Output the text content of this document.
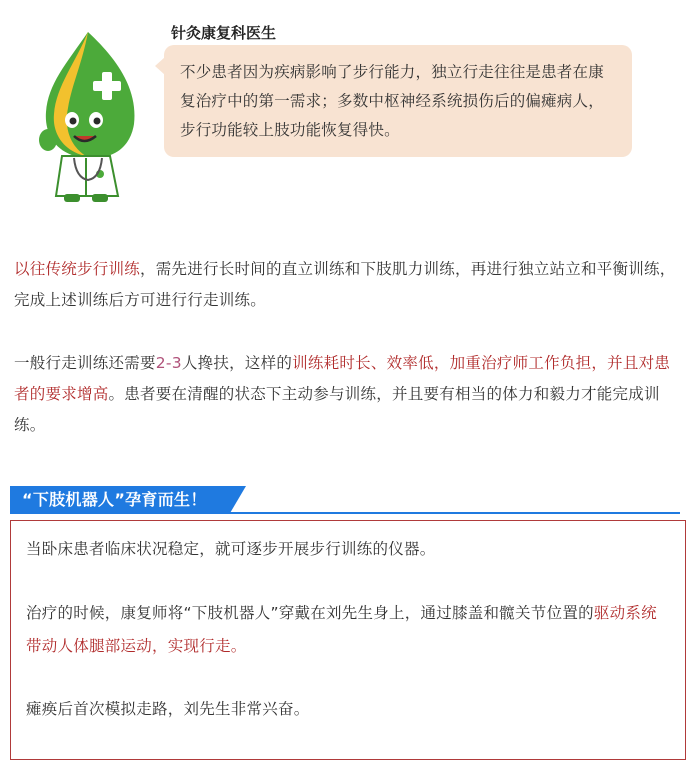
针灸康复科医生
不少患者因为疾病影响了步行能力，独立行走往往是患者在康复治疗中的第一需求；多数中枢神经系统损伤后的偏瘫病人，步行功能较上肢功能恢复得快。
以往传统步行训练，需先进行长时间的直立训练和下肢肌力训练，再进行独立站立和平衡训练，完成上述训练后方可进行行走训练。
一般行走训练还需要2-3人搀扶，这样的训练耗时长、效率低，加重治疗师工作负担，并且对患者的要求增高。患者要在清醒的状态下主动参与训练，并且要有相当的体力和毅力才能完成训练。
“下肢机器人”孕育而生！
当卧床患者临床状况稳定，就可逐步开展步行训练的仪器。
治疗的时候，康复师将“下肢机器人”穿戴在刘先生身上，通过膝盖和髋关节位置的驱动系统带动人体腿部运动，实现行走。
瘫痪后首次模拟走路，刘先生非常兴奋。
